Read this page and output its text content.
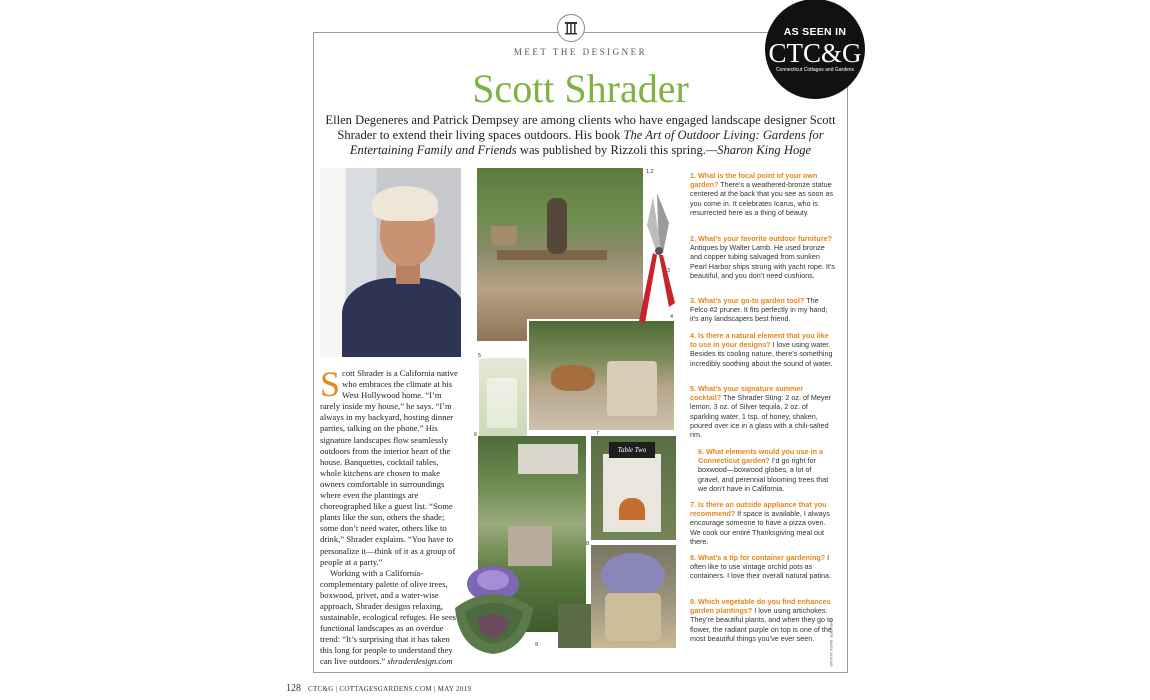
MEET THE DESIGNER
Scott Shrader
Ellen Degeneres and Patrick Dempsey are among clients who have engaged landscape designer Scott Shrader to extend their living spaces outdoors. His book The Art of Outdoor Living: Gardens for Entertaining Family and Friends was published by Rizzoli this spring.—Sharon King Hoge
AS SEEN IN
CTC&G
Connecticut Cottages and Gardens

Scott Shrader is a California native who embraces the climate at his West Hollywood home. “I’m rarely inside my house,” he says. “I’m always in my backyard, hosting dinner parties, talking on the phone.” His signature landscapes flow seamlessly outdoors from the interior heart of the house. Banquettes, cocktail tables, whole kitchens are chosen to make owners comfortable in surroundings where even the plantings are choreographed like a guest list. “Some plants like the sun, others the shade; some don’t need water, others like to drink,” Shrader explains. “You have to personalize it—think of it as a group of people at a party.”

Working with a California-complementary palette of olive trees, boxwood, privet, and a water-wise approach, Shrader designs relaxing, sustainable, ecological refuges. He sees functional landscapes as an overdue trend: “It’s surprising that it has taken this long for people to understand they can live outdoors.” shraderdesign.com

1,2
4
3
5
6
Table Two
7
8
9
1. What is the focal point of your own garden? There’s a weathered-bronze statue centered at the back that you see as soon as you come in. It celebrates Icarus, who is resurrected here as a thing of beauty.
2. What’s your favorite outdoor furniture? Antiques by Walter Lamb. He used bronze and copper tubing salvaged from sunken Pearl Harbor ships strung with yacht rope. It’s beautiful, and you don’t need cushions.
3. What’s your go-to garden tool? The Felco #2 pruner. It fits perfectly in my hand; it’s any landscapers best friend.
4. Is there a natural element that you like to use in your designs? I love using water. Besides its cooling nature, there’s something incredibly soothing about the sound of water.
5. What’s your signature summer cocktail? The Shrader Sting: 2 oz. of Meyer lemon, 3 oz. of Silver tequila, 2 oz. of sparkling water, 1 tsp. of honey, shaken, poured over ice in a glass with a chili-salted rim.
6. What elements would you use in a Connecticut garden? I’d go right for boxwood—boxwood globes, a lot of gravel, and perennial blooming trees that we don’t have in California.
7. Is there an outside appliance that you recommend? If space is available, I always encourage someone to have a pizza oven. We cook our entire Thanksgiving meal out there.
8. What’s a tip for container gardening? I often like to use vintage orchid pots as containers. I love their overall natural patina.
9. Which vegetable do you find enhances garden plantings? I love using artichokes. They’re beautiful plants, and when they go to flower, the radiant purple on top is one of the most beautiful things you’ve ever seen.	SHRADER: MARK ADAMS
128 CTC&G | COTTAGESGARDENS.COM | MAY 2019
